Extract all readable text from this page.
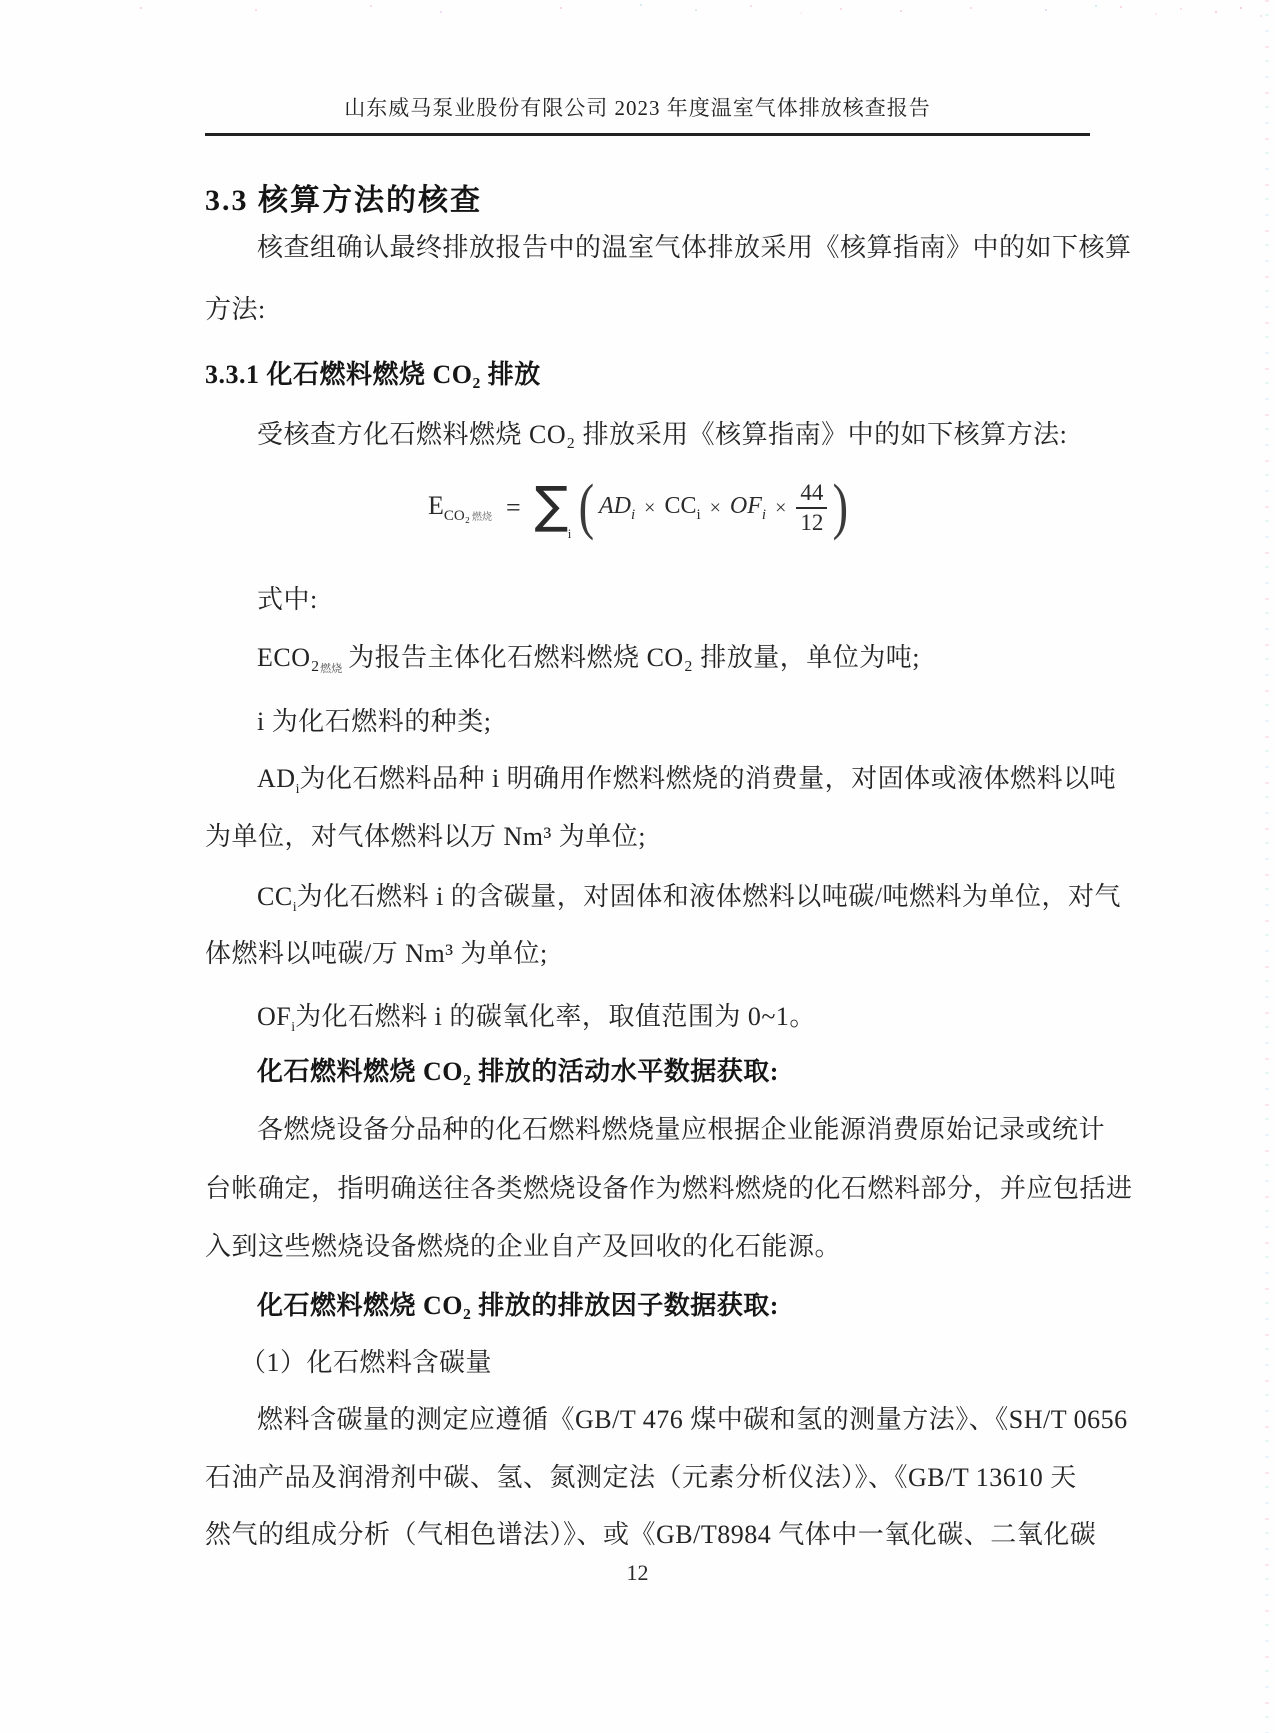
山东威马泵业股份有限公司 2023 年度温室气体排放核查报告
3.3 核算方法的核查
核查组确认最终排放报告中的温室气体排放采用《核算指南》中的如下核算
方法:
3.3.1 化石燃料燃烧 CO₂ 排放
受核查方化石燃料燃烧 CO₂ 排放采用《核算指南》中的如下核算方法:
$E_{CO_2 燃烧}$ = ∑ i ( $AD_i \times CC_i \times OF_i \times \frac{44}{12}$ )
式中:
$ECO_2_{燃烧}$ 为报告主体化石燃料燃烧 CO₂ 排放量，单位为吨;
i 为化石燃料的种类;
$AD_i$为化石燃料品种 i 明确用作燃料燃烧的消费量，对固体或液体燃料以吨
为单位，对气体燃料以万 Nm³ 为单位;
$CC_i$为化石燃料 i 的含碳量，对固体和液体燃料以吨碳/吨燃料为单位，对气
体燃料以吨碳/万 Nm³ 为单位;
$OF_i$为化石燃料 i 的碳氧化率，取值范围为 0~1。
化石燃料燃烧 CO₂ 排放的活动水平数据获取:
各燃烧设备分品种的化石燃料燃烧量应根据企业能源消费原始记录或统计
台帐确定，指明确送往各类燃烧设备作为燃料燃烧的化石燃料部分，并应包括进
入到这些燃烧设备燃烧的企业自产及回收的化石能源。
化石燃料燃烧 CO₂ 排放的排放因子数据获取:
（1）化石燃料含碳量
燃料含碳量的测定应遵循《GB/T 476 煤中碳和氢的测量方法》、《SH/T 0656
石油产品及润滑剂中碳、氢、氮测定法（元素分析仪法）》、《GB/T 13610 天
然气的组成分析（气相色谱法）》、或《GB/T8984 气体中一氧化碳、二氧化碳
12
